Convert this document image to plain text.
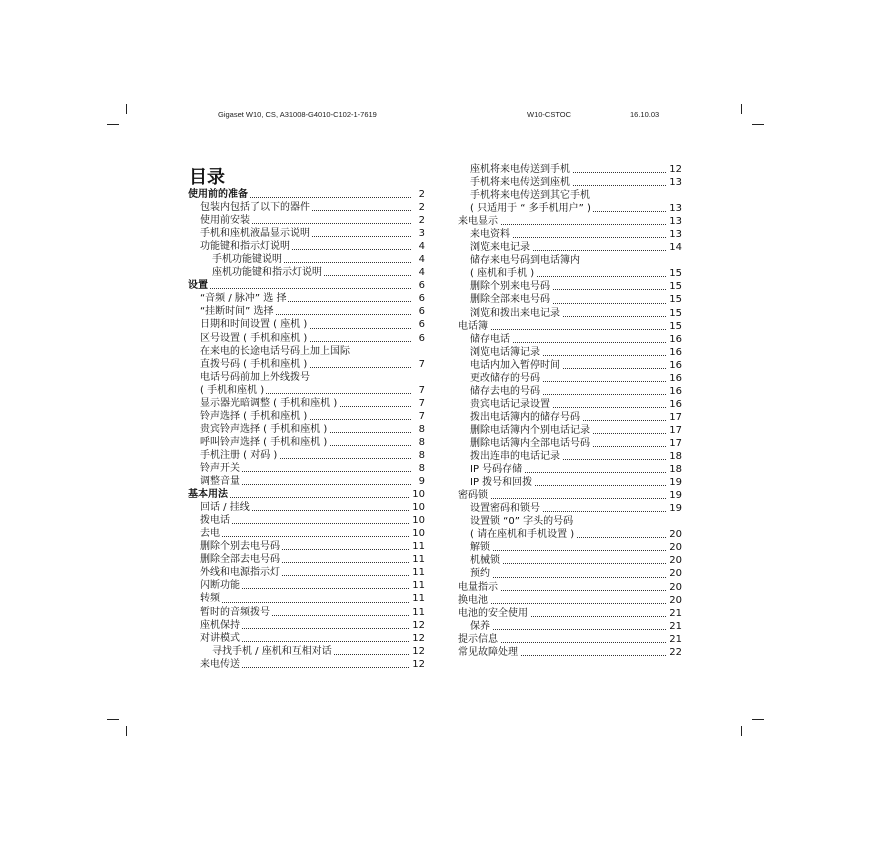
Gigaset W10, CS, A31008-G4010-C102-1-7619	W10-CSTOC	16.10.03
目录
使用前的准备	2
包装内包括了以下的器件	2
使用前安装	2
手机和座机液晶显示说明	3
功能键和指示灯说明	4
手机功能键说明	4
座机功能键和指示灯说明	4
设置	6
“音频 / 脉冲” 选 择	6
“挂断时间” 选择	6
日期和时间设置 ( 座机 )	6
区号设置 ( 手机和座机 )	6
在来电的长途电话号码上加上国际
直拨号码 ( 手机和座机 )	7
电话号码前加上外线拨号
( 手机和座机 )	7
显示器光暗调整 ( 手机和座机 )	7
铃声选择 ( 手机和座机 )	7
贵宾铃声选择 ( 手机和座机 )	8
呼叫铃声选择 ( 手机和座机 )	8
手机注册 ( 对码 )	8
铃声开关	8
调整音量	9
基本用法	10
回话 / 挂线	10
拨电话	10
去电	10
删除个别去电号码	11
删除全部去电号码	11
外线和电源指示灯	11
闪断功能	11
转频	11
暂时的音频拨号	11
座机保持	12
对讲模式	12
寻找手机 / 座机和互相对话	12
来电传送	12
座机将来电传送到手机	12
手机将来电传送到座机	13
手机将来电传送到其它手机
( 只适用于 “ 多手机用户” )	13
来电显示	13
来电资料	13
浏览来电记录	14
储存来电号码到电话簿内
( 座机和手机 )	15
删除个别来电号码	15
删除全部来电号码	15
浏览和拨出来电记录	15
电话簿	15
储存电话	16
浏览电话簿记录	16
电话内加入暂停时间	16
更改储存的号码	16
储存去电的号码	16
贵宾电话记录设置	16
拨出电话簿内的储存号码	17
删除电话簿内个别电话记录	17
删除电话簿内全部电话号码	17
拨出连串的电话记录	18
IP 号码存储	18
IP 拨号和回拨	19
密码锁	19
设置密码和锁号	19
设置锁 “0” 字头的号码
( 请在座机和手机设置 )	20
解锁	20
机械锁	20
预约	20
电量指示	20
换电池	20
电池的安全使用	21
保养	21
提示信息	21
常见故障处理	22
